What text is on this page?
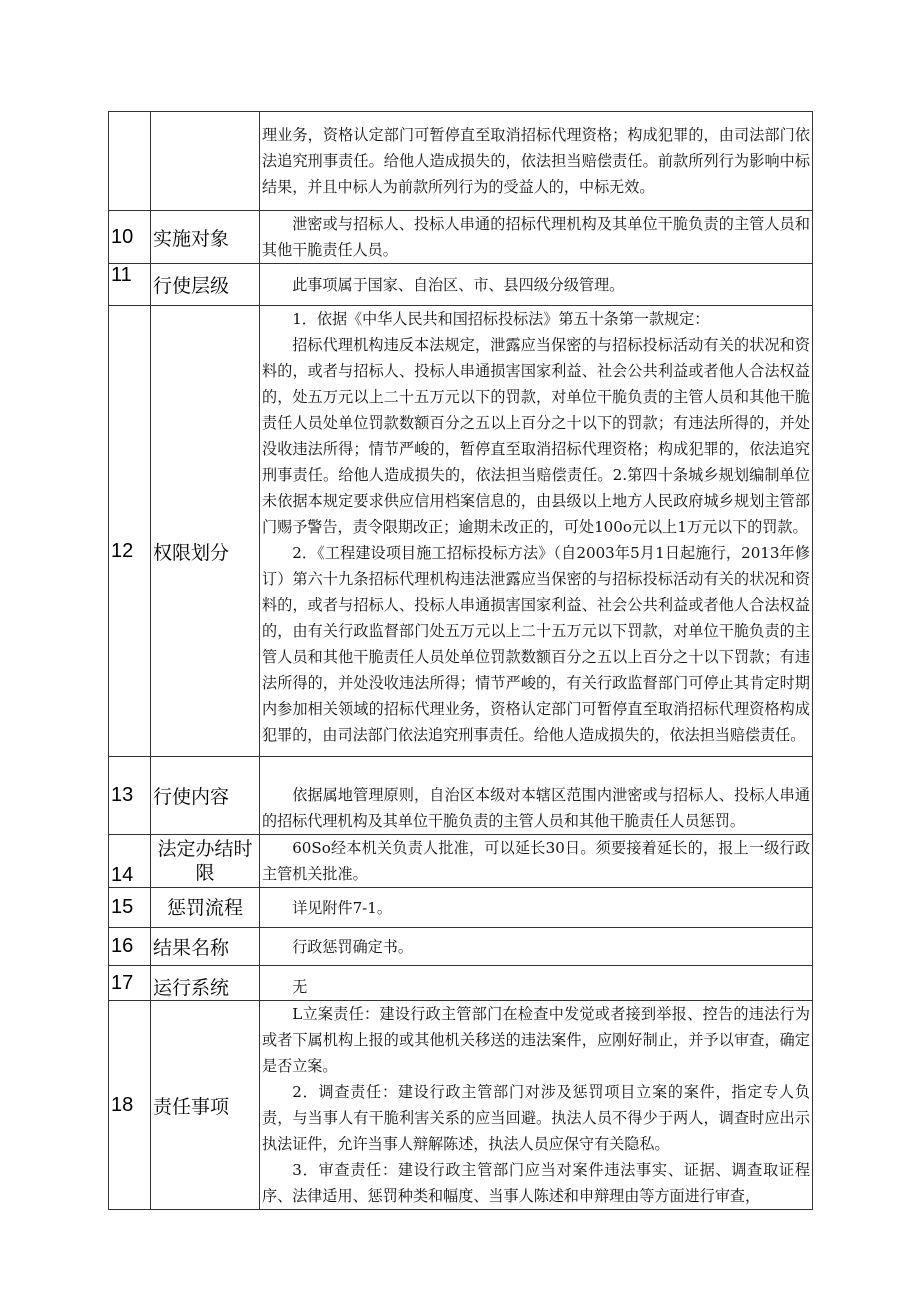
		理业务，资格认定部门可暂停直至取消招标代理资格；构成犯罪的，由司法部门依法追究刑事责任。给他人造成损失的，依法担当赔偿责任。前款所列行为影响中标结果，并且中标人为前款所列行为的受益人的，中标无效。

10	实施对象	泄密或与招标人、投标人串通的招标代理机构及其单位干脆负责的主管人员和其他干脆责任人员。

11	行使层级	此事项属于国家、自治区、市、县四级分级管理。

12	权限划分	1．依据《中华人民共和国招标投标法》第五十条第一款规定：

招标代理机构违反本法规定，泄露应当保密的与招标投标活动有关的状况和资料的，或者与招标人、投标人串通损害国家利益、社会公共利益或者他人合法权益的，处五万元以上二十五万元以下的罚款，对单位干脆负责的主管人员和其他干脆责任人员处单位罚款数额百分之五以上百分之十以下的罚款；有违法所得的，并处没收违法所得；情节严峻的，暂停直至取消招标代理资格；构成犯罪的，依法追究刑事责任。给他人造成损失的，依法担当赔偿责任。2.第四十条城乡规划编制单位未依据本规定要求供应信用档案信息的，由县级以上地方人民政府城乡规划主管部门赐予警告，责令限期改正；逾期未改正的，可处100o元以上1万元以下的罚款。

2．《工程建设项目施工招标投标方法》（自2003年5月1日起施行，2013年修订）第六十九条招标代理机构违法泄露应当保密的与招标投标活动有关的状况和资料的，或者与招标人、投标人串通损害国家利益、社会公共利益或者他人合法权益的，由有关行政监督部门处五万元以上二十五万元以下罚款，对单位干脆负责的主管人员和其他干脆责任人员处单位罚款数额百分之五以上百分之十以下罚款；有违法所得的，并处没收违法所得；情节严峻的，有关行政监督部门可停止其肯定时期内参加相关领域的招标代理业务，资格认定部门可暂停直至取消招标代理资格构成犯罪的，由司法部门依法追究刑事责任。给他人造成损失的，依法担当赔偿责任。

13	行使内容	依据属地管理原则，自治区本级对本辖区范围内泄密或与招标人、投标人串通的招标代理机构及其单位干脆负责的主管人员和其他干脆责任人员惩罚。

14	法定办结时限	60So经本机关负责人批准，可以延长30日。须要接着延长的，报上一级行政主管机关批准。

15	惩罚流程	详见附件7-1。

16	结果名称	行政惩罚确定书。

17	运行系统	无

18	责任事项	L立案责任：建设行政主管部门在检查中发觉或者接到举报、控告的违法行为或者下属机构上报的或其他机关移送的违法案件，应刚好制止，并予以审查，确定是否立案。

2．调查责任：建设行政主管部门对涉及惩罚项目立案的案件，指定专人负责，与当事人有干脆利害关系的应当回避。执法人员不得少于两人，调查时应出示执法证件，允许当事人辩解陈述，执法人员应保守有关隐私。

3．审查责任：建设行政主管部门应当对案件违法事实、证据、调查取证程序、法律适用、惩罚种类和幅度、当事人陈述和申辩理由等方面进行审查，
